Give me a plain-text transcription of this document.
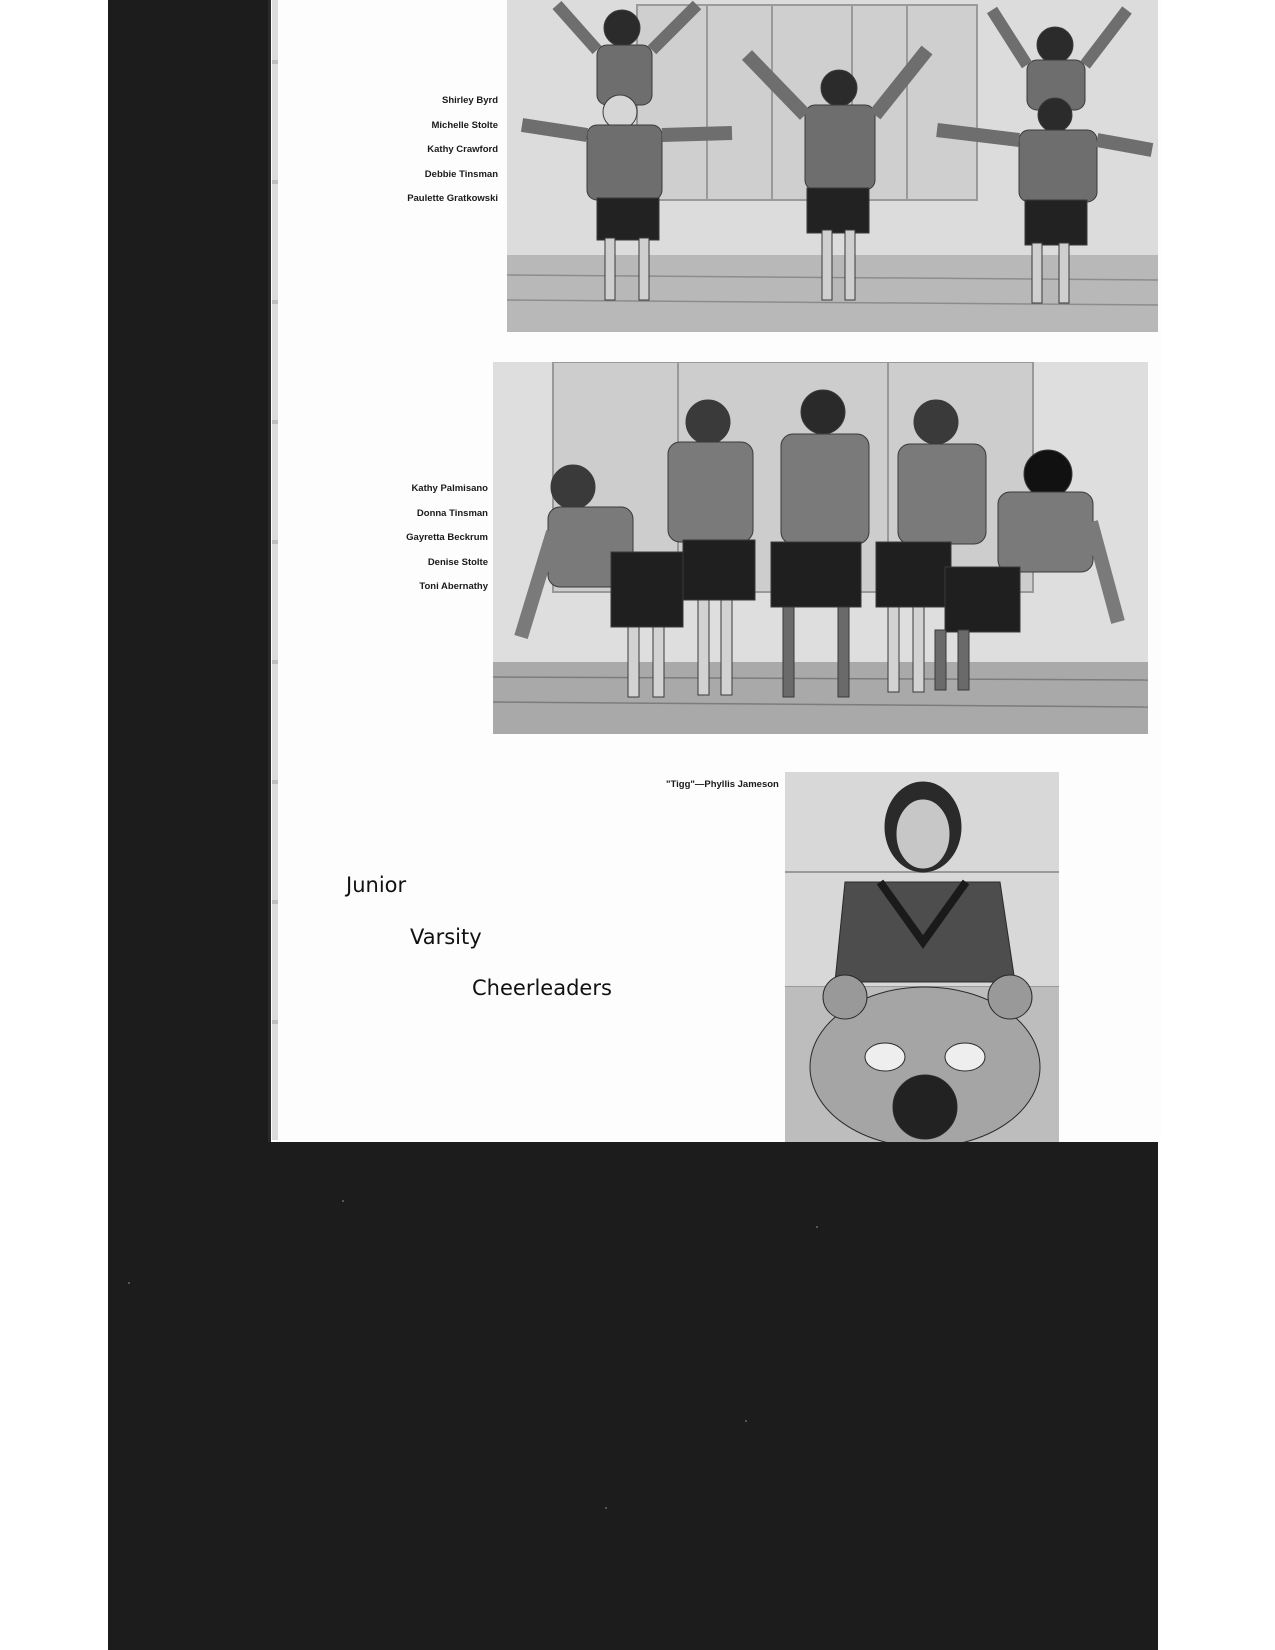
Shirley Byrd
Michelle Stolte
Kathy Crawford
Debbie Tinsman
Paulette Gratkowski
Kathy Palmisano
Donna Tinsman
Gayretta Beckrum
Denise Stolte
Toni Abernathy
"Tigg"—Phyllis Jameson
Junior
Varsity
Cheerleaders
